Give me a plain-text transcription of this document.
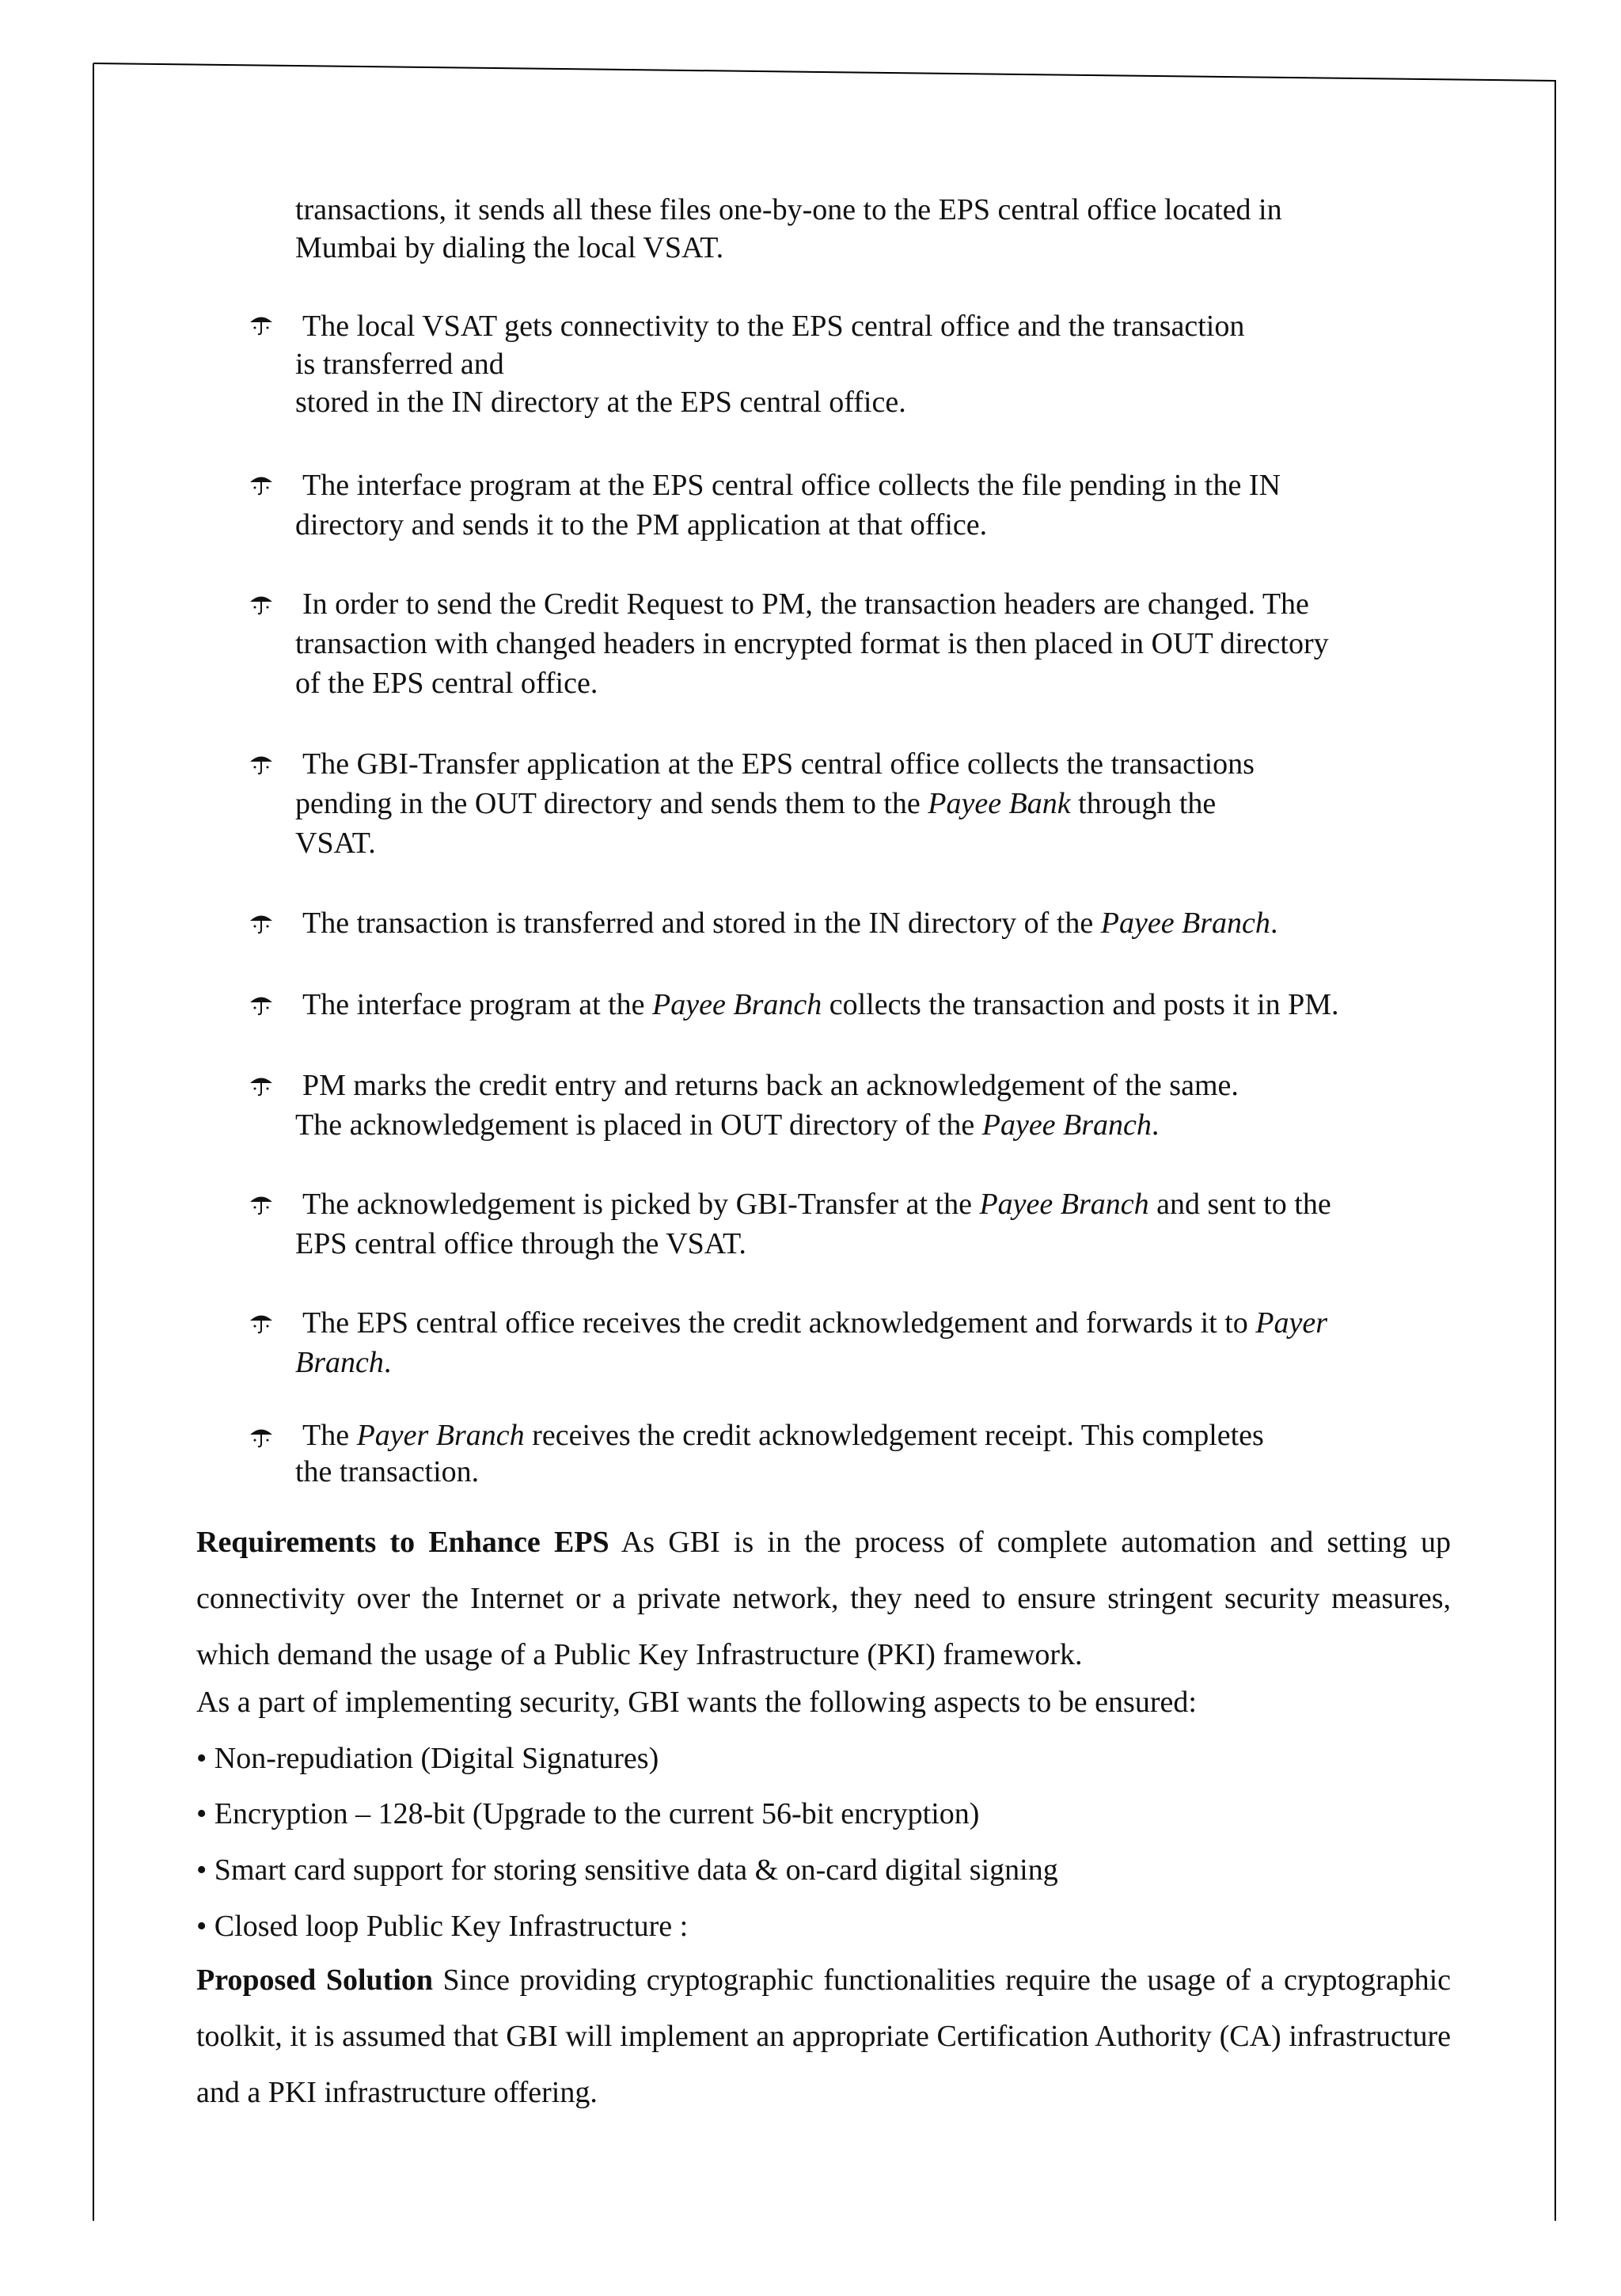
transactions, it sends all these files one-by-one to the EPS central office located in
Mumbai by dialing the local VSAT.
The local VSAT gets connectivity to the EPS central office and the transaction
is transferred and
stored in the IN directory at the EPS central office.
The interface program at the EPS central office collects the file pending in the IN
directory and sends it to the PM application at that office.
In order to send the Credit Request to PM, the transaction headers are changed. The
transaction with changed headers in encrypted format is then placed in OUT directory
of the EPS central office.
The GBI-Transfer application at the EPS central office collects the transactions
pending in the OUT directory and sends them to the Payee Bank through the
VSAT.
The transaction is transferred and stored in the IN directory of the Payee Branch.
The interface program at the Payee Branch collects the transaction and posts it in PM.
PM marks the credit entry and returns back an acknowledgement of the same.
The acknowledgement is placed in OUT directory of the Payee Branch.
The acknowledgement is picked by GBI-Transfer at the Payee Branch and sent to the
EPS central office through the VSAT.
The EPS central office receives the credit acknowledgement and forwards it to Payer
Branch.
The Payer Branch receives the credit acknowledgement receipt. This completes
the transaction.
Requirements to Enhance EPS As GBI is in the process of complete automation and setting up connectivity over the Internet or a private network, they need to ensure stringent security measures, which demand the usage of a Public Key Infrastructure (PKI) framework.
As a part of implementing security, GBI wants the following aspects to be ensured:
• Non-repudiation (Digital Signatures)
• Encryption – 128-bit (Upgrade to the current 56-bit encryption)
• Smart card support for storing sensitive data & on-card digital signing
• Closed loop Public Key Infrastructure :
Proposed Solution Since providing cryptographic functionalities require the usage of a cryptographic toolkit, it is assumed that GBI will implement an appropriate Certification Authority (CA) infrastructure and a PKI infrastructure offering.
